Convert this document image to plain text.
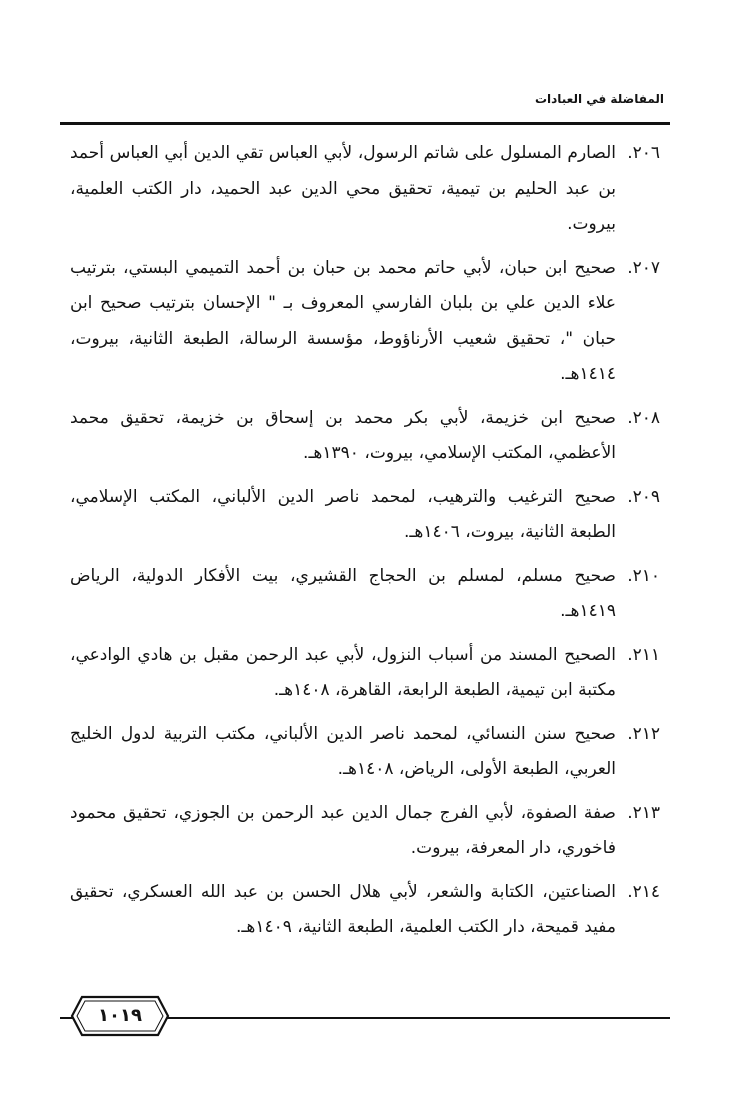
المفاضلة في العبادات
٢٠٦.
الصارم المسلول على شاتم الرسول، لأبي العباس تقي الدين أبي العباس أحمد بن عبد الحليم بن تيمية، تحقيق محي الدين عبد الحميد، دار الكتب العلمية، بيروت.
٢٠٧.
صحيح ابن حبان، لأبي حاتم محمد بن حبان بن أحمد التميمي البستي، بترتيب علاء الدين علي بن بلبان الفارسي المعروف بـ " الإحسان بترتيب صحيح ابن حبان "، تحقيق شعيب الأرناؤوط، مؤسسة الرسالة، الطبعة الثانية، بيروت، ١٤١٤هـ.
٢٠٨.
صحيح ابن خزيمة، لأبي بكر محمد بن إسحاق بن خزيمة، تحقيق محمد الأعظمي، المكتب الإسلامي، بيروت، ١٣٩٠هـ.
٢٠٩.
صحيح الترغيب والترهيب، لمحمد ناصر الدين الألباني، المكتب الإسلامي، الطبعة الثانية، بيروت، ١٤٠٦هـ.
٢١٠.
صحيح مسلم، لمسلم بن الحجاج القشيري، بيت الأفكار الدولية، الرياض ١٤١٩هـ.
٢١١.
الصحيح المسند من أسباب النزول، لأبي عبد الرحمن مقبل بن هادي الوادعي، مكتبة ابن تيمية، الطبعة الرابعة، القاهرة، ١٤٠٨هـ.
٢١٢.
صحيح سنن النسائي، لمحمد ناصر الدين الألباني، مكتب التربية لدول الخليج العربي، الطبعة الأولى، الرياض، ١٤٠٨هـ.
٢١٣.
صفة الصفوة، لأبي الفرج جمال الدين عبد الرحمن بن الجوزي، تحقيق محمود فاخوري، دار المعرفة، بيروت.
٢١٤.
الصناعتين، الكتابة والشعر، لأبي هلال الحسن بن عبد الله العسكري، تحقيق مفيد قميحة، دار الكتب العلمية، الطبعة الثانية، ١٤٠٩هـ.
١٠١٩
